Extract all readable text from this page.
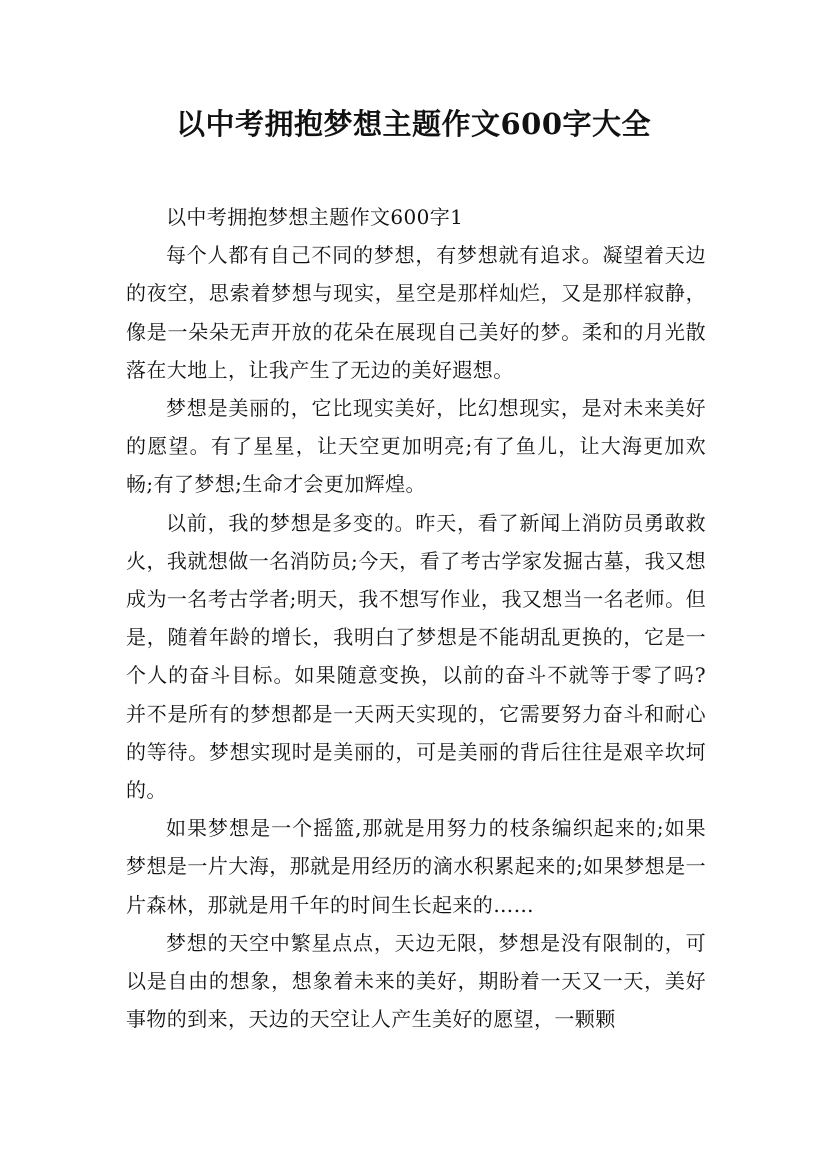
以中考拥抱梦想主题作文600字大全

以中考拥抱梦想主题作文600字1

每个人都有自己不同的梦想，有梦想就有追求。凝望着天边的夜空，思索着梦想与现实，星空是那样灿烂，又是那样寂静，像是一朵朵无声开放的花朵在展现自己美好的梦。柔和的月光散落在大地上，让我产生了无边的美好遐想。

梦想是美丽的，它比现实美好，比幻想现实，是对未来美好的愿望。有了星星，让天空更加明亮;有了鱼儿，让大海更加欢畅;有了梦想;生命才会更加辉煌。

以前，我的梦想是多变的。昨天，看了新闻上消防员勇敢救火，我就想做一名消防员;今天，看了考古学家发掘古墓，我又想成为一名考古学者;明天，我不想写作业，我又想当一名老师。但是，随着年龄的增长，我明白了梦想是不能胡乱更换的，它是一个人的奋斗目标。如果随意变换，以前的奋斗不就等于零了吗?并不是所有的梦想都是一天两天实现的，它需要努力奋斗和耐心的等待。梦想实现时是美丽的，可是美丽的背后往往是艰辛坎坷的。

如果梦想是一个摇篮,那就是用努力的枝条编织起来的;如果梦想是一片大海，那就是用经历的滴水积累起来的;如果梦想是一片森林，那就是用千年的时间生长起来的……

梦想的天空中繁星点点，天边无限，梦想是没有限制的，可以是自由的想象，想象着未来的美好，期盼着一天又一天，美好事物的到来，天边的天空让人产生美好的愿望，一颗颗
